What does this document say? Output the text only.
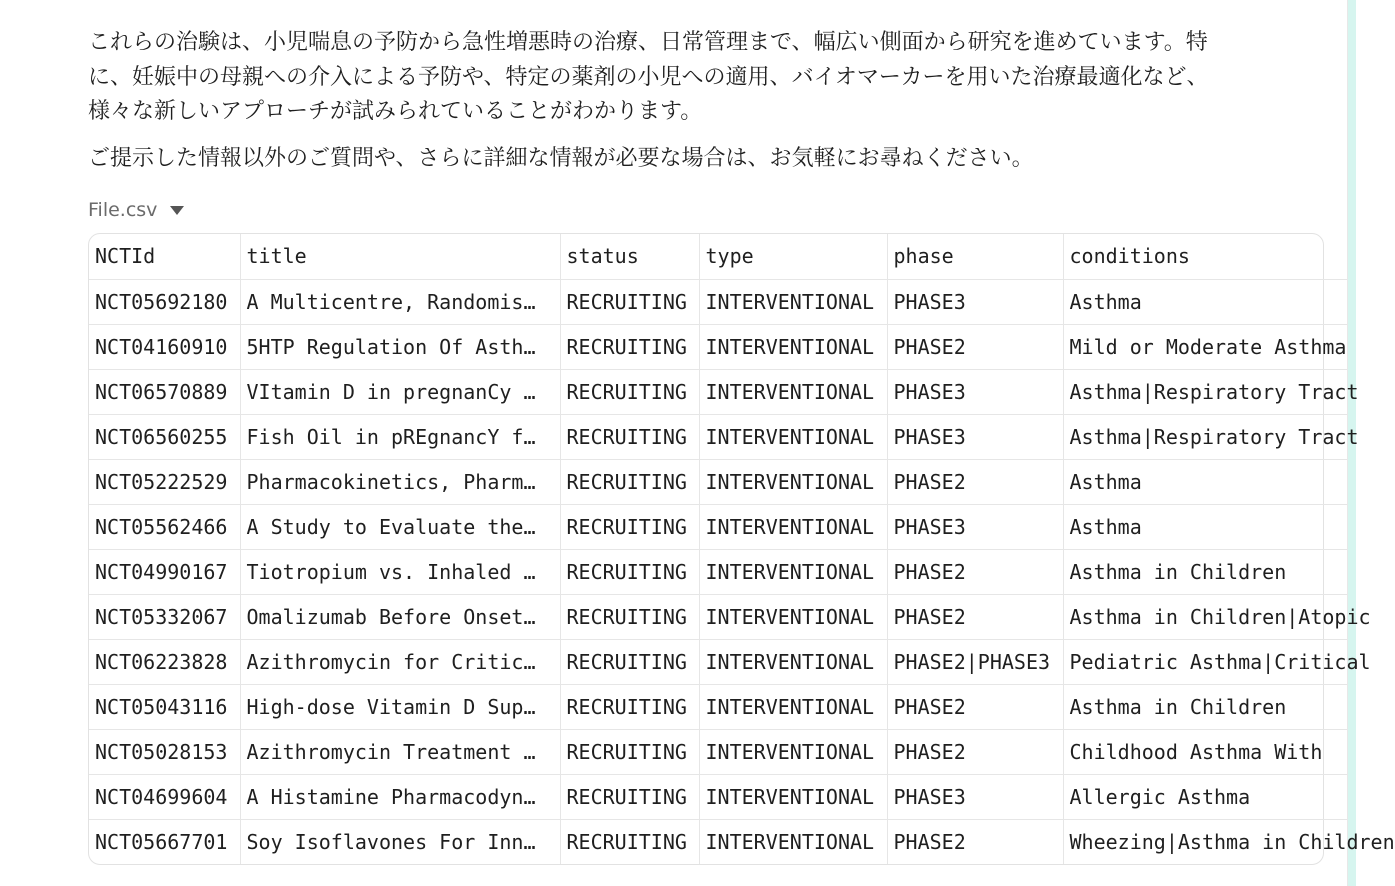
これらの治験は、小児喘息の予防から急性増悪時の治療、日常管理まで、幅広い側面から研究を進めています。特
に、妊娠中の母親への介入による予防や、特定の薬剤の小児への適用、バイオマーカーを用いた治療最適化など、
様々な新しいアプローチが試みられていることがわかります。

ご提示した情報以外のご質問や、さらに詳細な情報が必要な場合は、お気軽にお尋ねください。

File.csv
NCTId	title	status	type	phase	conditions
NCT05692180	A Multicentre, Randomis…	RECRUITING	INTERVENTIONAL	PHASE3	Asthma
NCT04160910	5HTP Regulation Of Asth…	RECRUITING	INTERVENTIONAL	PHASE2	Mild or Moderate Asthma
NCT06570889	VItamin D in pregnanCy …	RECRUITING	INTERVENTIONAL	PHASE3	Asthma|Respiratory Tract
NCT06560255	Fish Oil in pREgnancY f…	RECRUITING	INTERVENTIONAL	PHASE3	Asthma|Respiratory Tract
NCT05222529	Pharmacokinetics, Pharm…	RECRUITING	INTERVENTIONAL	PHASE2	Asthma
NCT05562466	A Study to Evaluate the…	RECRUITING	INTERVENTIONAL	PHASE3	Asthma
NCT04990167	Tiotropium vs. Inhaled …	RECRUITING	INTERVENTIONAL	PHASE2	Asthma in Children
NCT05332067	Omalizumab Before Onset…	RECRUITING	INTERVENTIONAL	PHASE2	Asthma in Children|Atopic
NCT06223828	Azithromycin for Critic…	RECRUITING	INTERVENTIONAL	PHASE2|PHASE3	Pediatric Asthma|Critical
NCT05043116	High-dose Vitamin D Sup…	RECRUITING	INTERVENTIONAL	PHASE2	Asthma in Children
NCT05028153	Azithromycin Treatment …	RECRUITING	INTERVENTIONAL	PHASE2	Childhood Asthma With
NCT04699604	A Histamine Pharmacodyn…	RECRUITING	INTERVENTIONAL	PHASE3	Allergic Asthma
NCT05667701	Soy Isoflavones For Inn…	RECRUITING	INTERVENTIONAL	PHASE2	Wheezing|Asthma in Children
